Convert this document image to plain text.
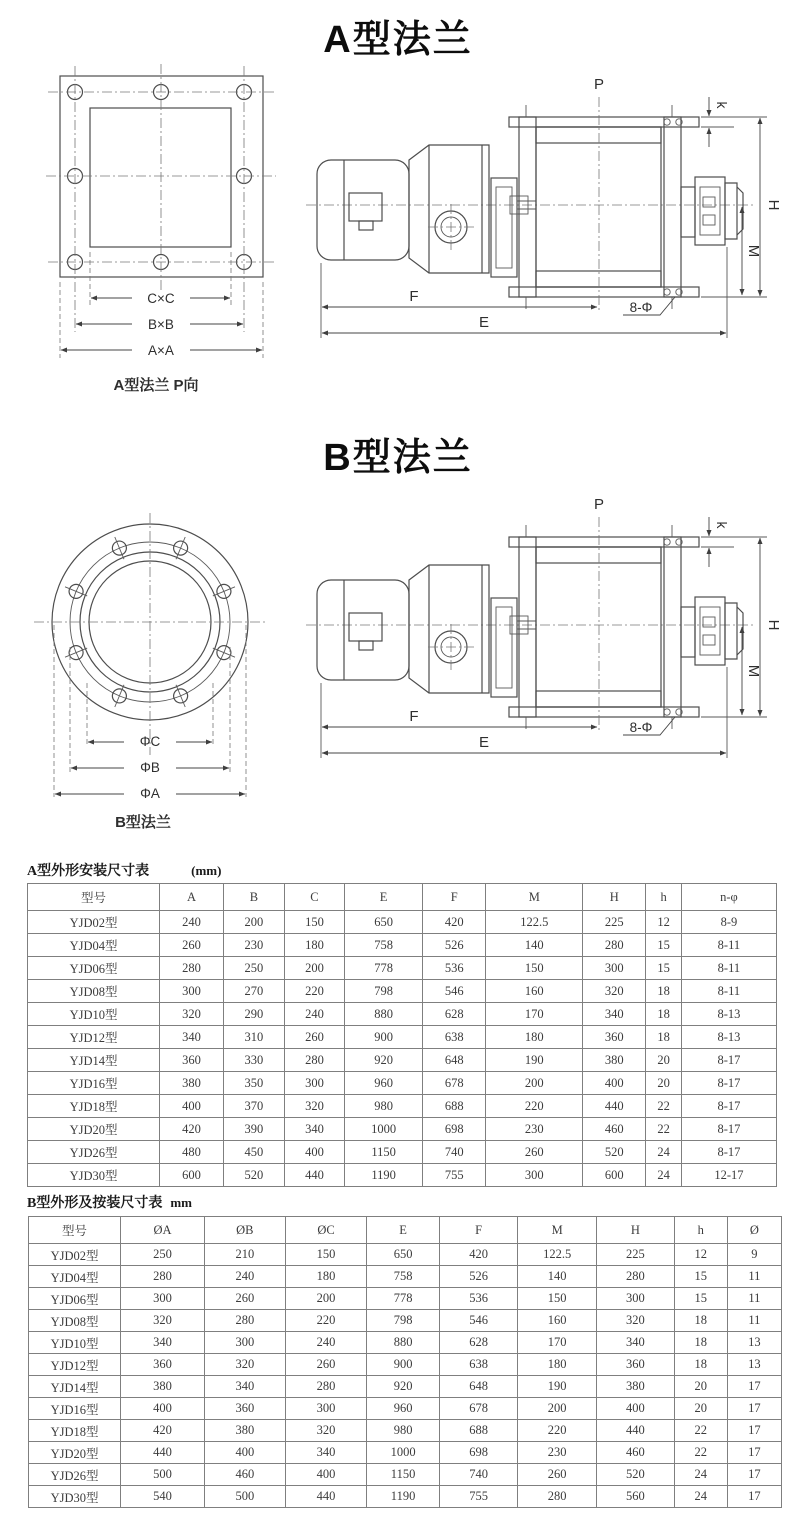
A型法兰
C×C
B×B
A×A
A型法兰 P向
P
k
H
M
F
E
8-Φ
B型法兰
ΦC
ΦB
ΦA
B型法兰
P
k
H
M
F
E
8-Φ
A型外形安装尺寸表	(mm)
型号	A	B	C	E	F	M	H	h	n-φ
YJD02型	240	200	150	650	420	122.5	225	12	8-9
YJD04型	260	230	180	758	526	140	280	15	8-11
YJD06型	280	250	200	778	536	150	300	15	8-11
YJD08型	300	270	220	798	546	160	320	18	8-11
YJD10型	320	290	240	880	628	170	340	18	8-13
YJD12型	340	310	260	900	638	180	360	18	8-13
YJD14型	360	330	280	920	648	190	380	20	8-17
YJD16型	380	350	300	960	678	200	400	20	8-17
YJD18型	400	370	320	980	688	220	440	22	8-17
YJD20型	420	390	340	1000	698	230	460	22	8-17
YJD26型	480	450	400	1150	740	260	520	24	8-17
YJD30型	600	520	440	1190	755	300	600	24	12-17
B型外形及按装尺寸表 mm
型号	ØA	ØB	ØC	E	F	M	H	h	Ø
YJD02型	250	210	150	650	420	122.5	225	12	9
YJD04型	280	240	180	758	526	140	280	15	11
YJD06型	300	260	200	778	536	150	300	15	11
YJD08型	320	280	220	798	546	160	320	18	11
YJD10型	340	300	240	880	628	170	340	18	13
YJD12型	360	320	260	900	638	180	360	18	13
YJD14型	380	340	280	920	648	190	380	20	17
YJD16型	400	360	300	960	678	200	400	20	17
YJD18型	420	380	320	980	688	220	440	22	17
YJD20型	440	400	340	1000	698	230	460	22	17
YJD26型	500	460	400	1150	740	260	520	24	17
YJD30型	540	500	440	1190	755	280	560	24	17
